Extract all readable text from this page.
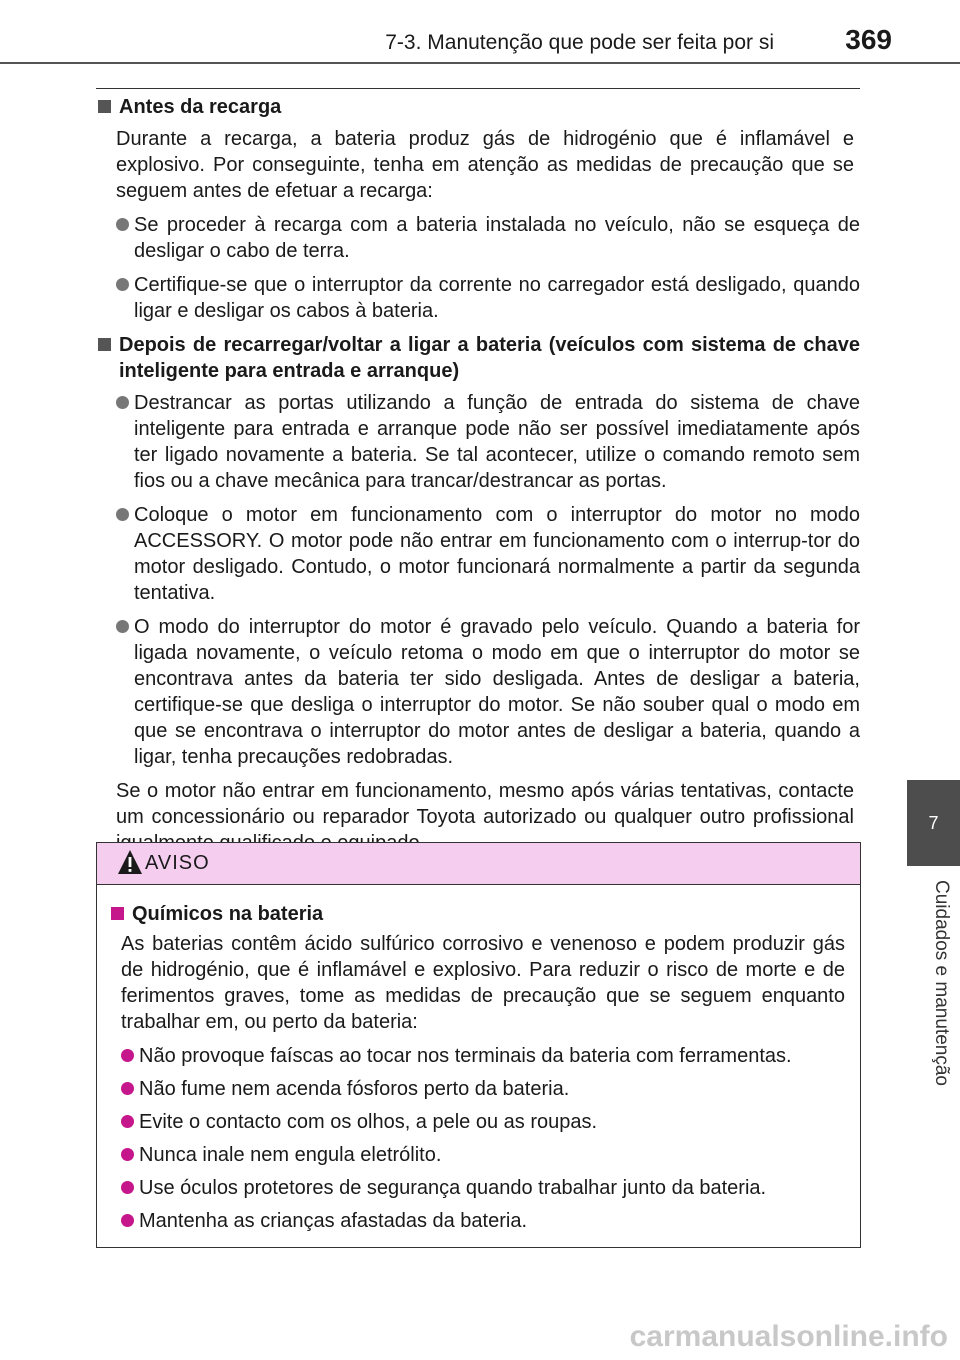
7-3. Manutenção que pode ser feita por si	369
7
Cuidados e manutenção
Antes da recarga
Durante a recarga, a bateria produz gás de hidrogénio que é inflamável e explosivo. Por conseguinte, tenha em atenção as medidas de precaução que se seguem antes de efetuar a recarga:
Se proceder à recarga com a bateria instalada no veículo, não se esqueça de desligar o cabo de terra.
Certifique-se que o interruptor da corrente no carregador está desligado, quando ligar e desligar os cabos à bateria.
Depois de recarregar/voltar a ligar a bateria (veículos com sistema de chave inteligente para entrada e arranque)
Destrancar as portas utilizando a função de entrada do sistema de chave inteligente para entrada e arranque pode não ser possível imediatamente após ter ligado novamente a bateria. Se tal acontecer, utilize o comando remoto sem fios ou a chave mecânica para trancar/destrancar as portas.
Coloque o motor em funcionamento com o interruptor do motor no modo ACCESSORY. O motor pode não entrar em funcionamento com o interrup-tor do motor desligado. Contudo, o motor funcionará normalmente a partir da segunda tentativa.
O modo do interruptor do motor é gravado pelo veículo. Quando a bateria for ligada novamente, o veículo retoma o modo em que o interruptor do motor se encontrava antes da bateria ter sido desligada. Antes de desligar a bateria, certifique-se que desliga o interruptor do motor. Se não souber qual o modo em que se encontrava o interruptor do motor antes de desligar a bateria, quando a ligar, tenha precauções redobradas.
Se o motor não entrar em funcionamento, mesmo após várias tentativas, contacte um concessionário ou reparador Toyota autorizado ou qualquer outro profissional
AVISO
Químicos na bateria
As baterias contêm ácido sulfúrico corrosivo e venenoso e podem produzir gás de hidrogénio, que é inflamável e explosivo. Para reduzir o risco de morte e de ferimentos graves, tome as medidas de precaução que se seguem enquanto trabalhar em, ou perto da bateria:
Não provoque faíscas ao tocar nos terminais da bateria com ferramentas.
Não fume nem acenda fósforos perto da bateria.
Evite o contacto com os olhos, a pele ou as roupas.
Nunca inale nem engula eletrólito.
Use óculos protetores de segurança quando trabalhar junto da bateria.
Mantenha as crianças afastadas da bateria.
carmanualsonline.info
